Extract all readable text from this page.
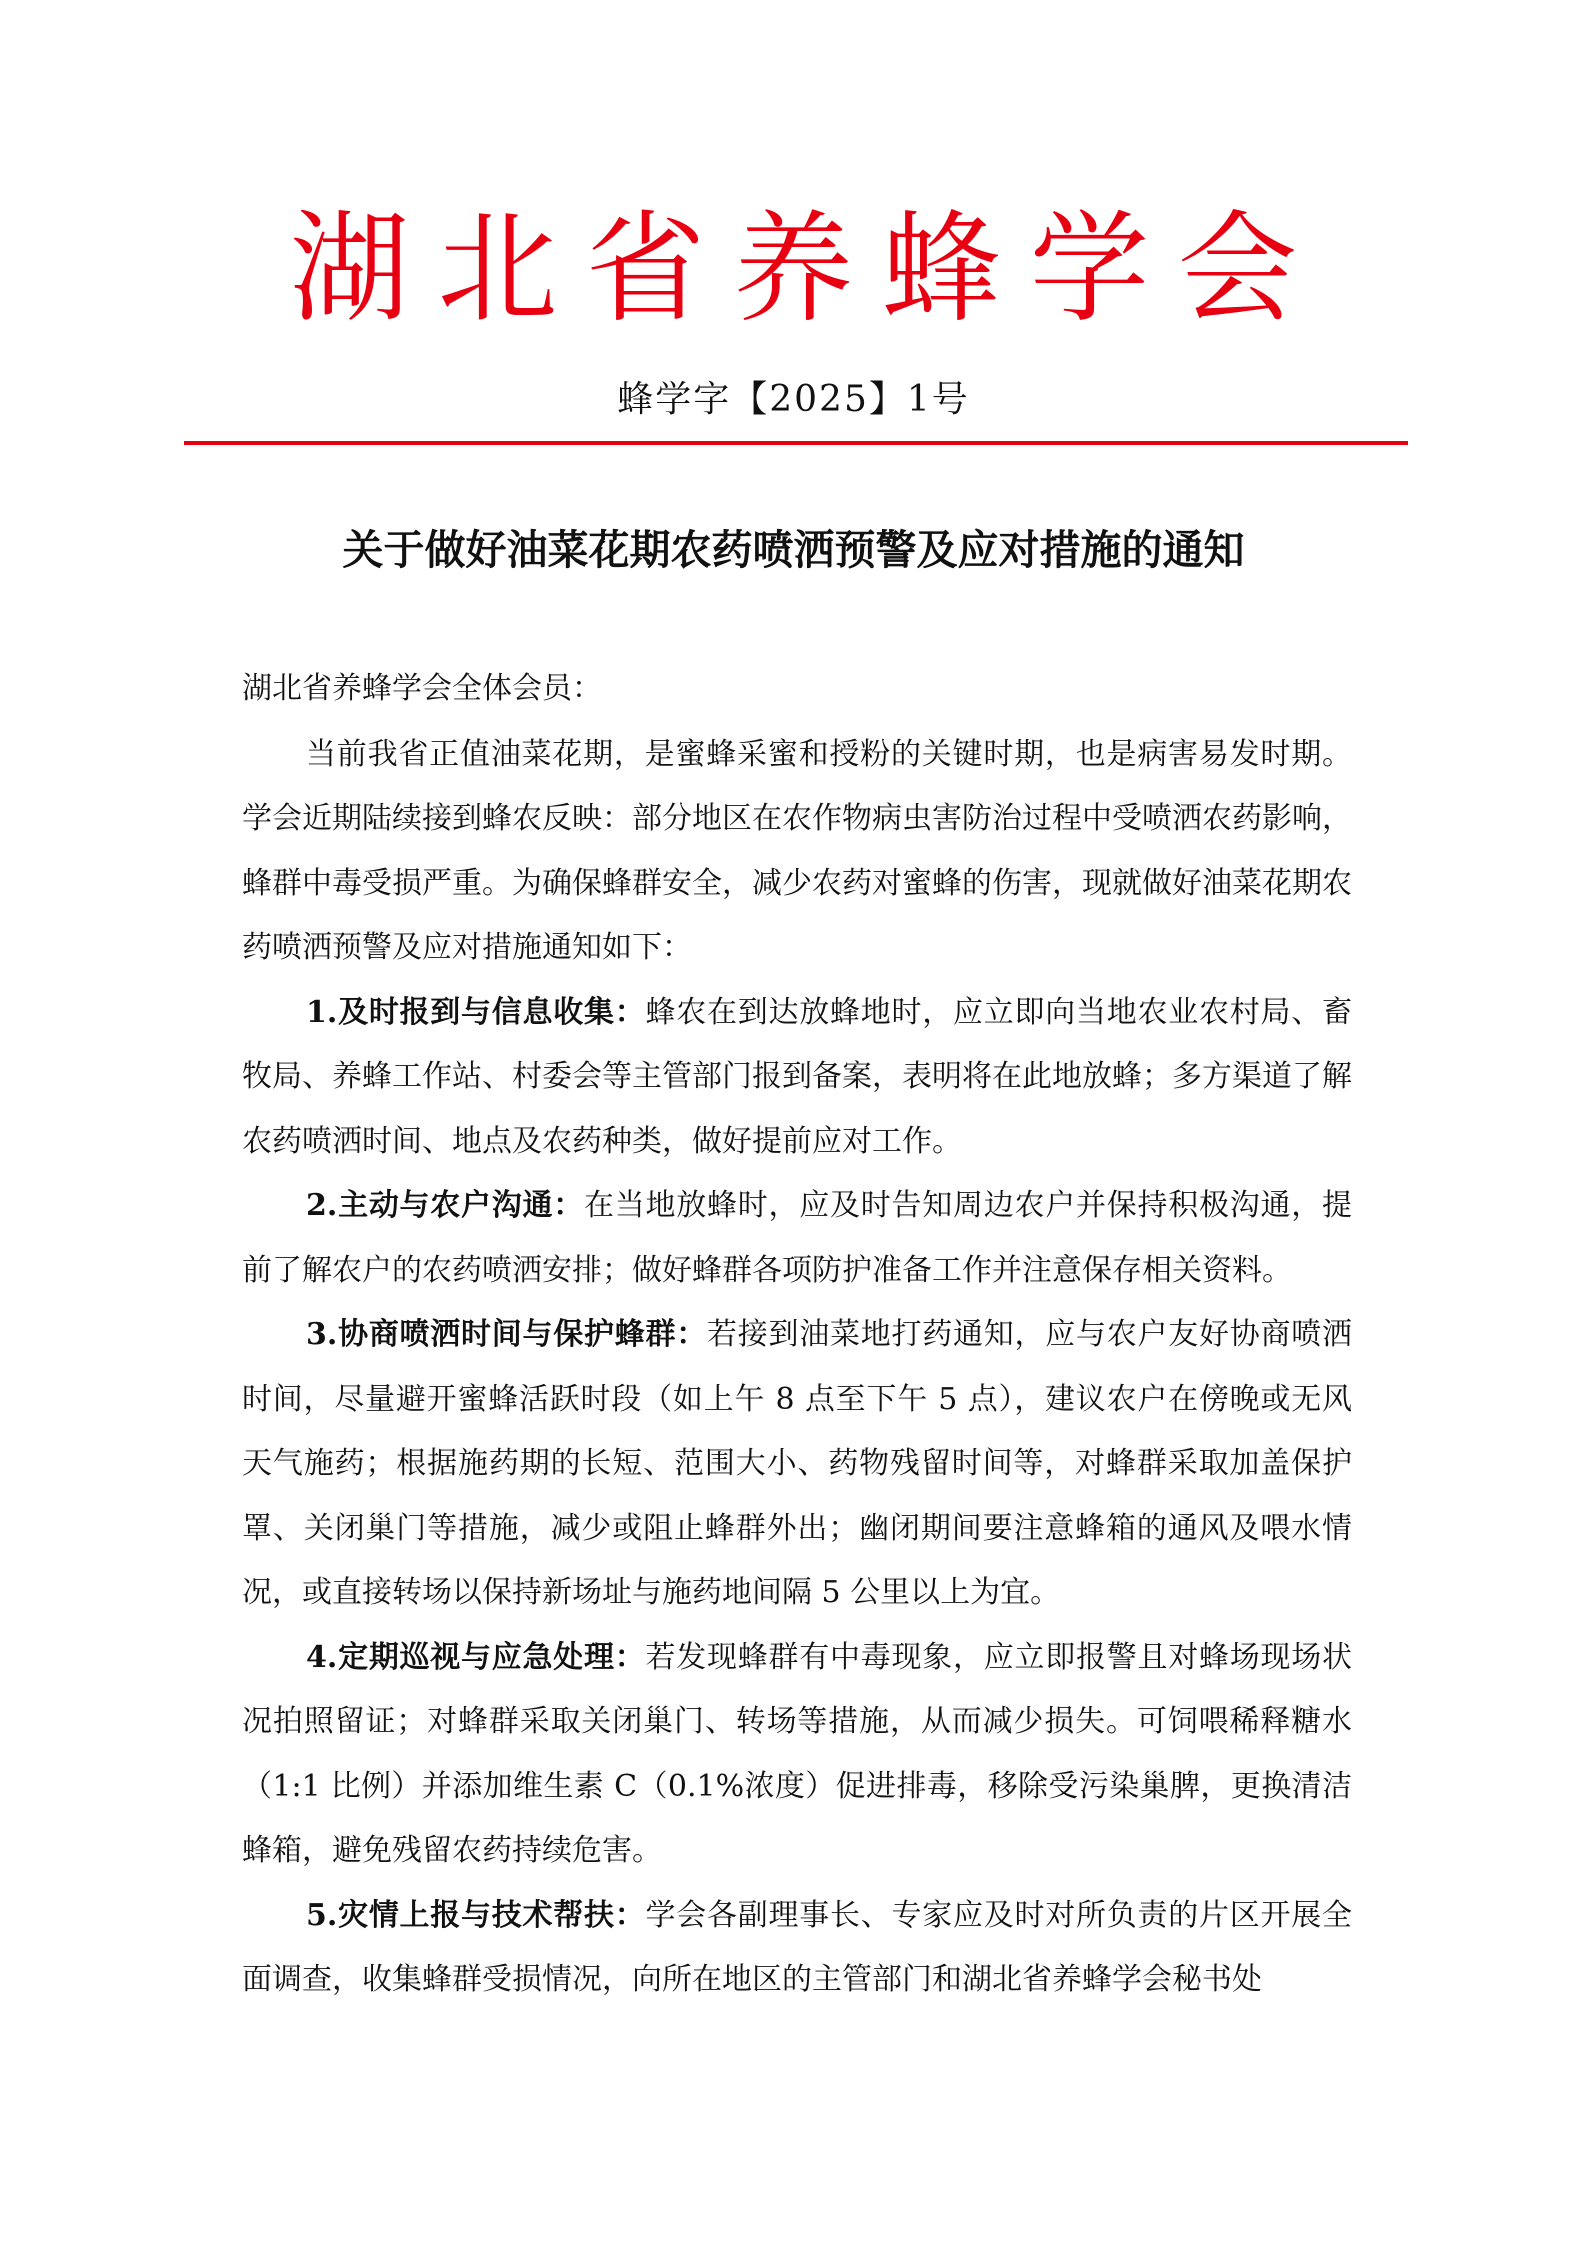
湖北省养蜂学会
蜂学字【2025】1号
关于做好油菜花期农药喷洒预警及应对措施的通知

湖北省养蜂学会全体会员：

当前我省正值油菜花期，是蜜蜂采蜜和授粉的关键时期，也是病害易发时期。学会近期陆续接到蜂农反映：部分地区在农作物病虫害防治过程中受喷洒农药影响，蜂群中毒受损严重。为确保蜂群安全，减少农药对蜜蜂的伤害，现就做好油菜花期农药喷洒预警及应对措施通知如下：

1.及时报到与信息收集：蜂农在到达放蜂地时，应立即向当地农业农村局、畜牧局、养蜂工作站、村委会等主管部门报到备案，表明将在此地放蜂；多方渠道了解农药喷洒时间、地点及农药种类，做好提前应对工作。

2.主动与农户沟通：在当地放蜂时，应及时告知周边农户并保持积极沟通，提前了解农户的农药喷洒安排；做好蜂群各项防护准备工作并注意保存相关资料。

3.协商喷洒时间与保护蜂群：若接到油菜地打药通知，应与农户友好协商喷洒时间，尽量避开蜜蜂活跃时段（如上午 8 点至下午 5 点），建议农户在傍晚或无风天气施药；根据施药期的长短、范围大小、药物残留时间等，对蜂群采取加盖保护罩、关闭巢门等措施，减少或阻止蜂群外出；幽闭期间要注意蜂箱的通风及喂水情况，或直接转场以保持新场址与施药地间隔 5 公里以上为宜。

4.定期巡视与应急处理：若发现蜂群有中毒现象，应立即报警且对蜂场现场状况拍照留证；对蜂群采取关闭巢门、转场等措施，从而减少损失。可饲喂稀释糖水（1:1 比例）并添加维生素 C（0.1%浓度）促进排毒，移除受污染巢脾，更换清洁蜂箱，避免残留农药持续危害。

5.灾情上报与技术帮扶：学会各副理事长、专家应及时对所负责的片区开展全面调查，收集蜂群受损情况，向所在地区的主管部门和湖北省养蜂学会秘书处
